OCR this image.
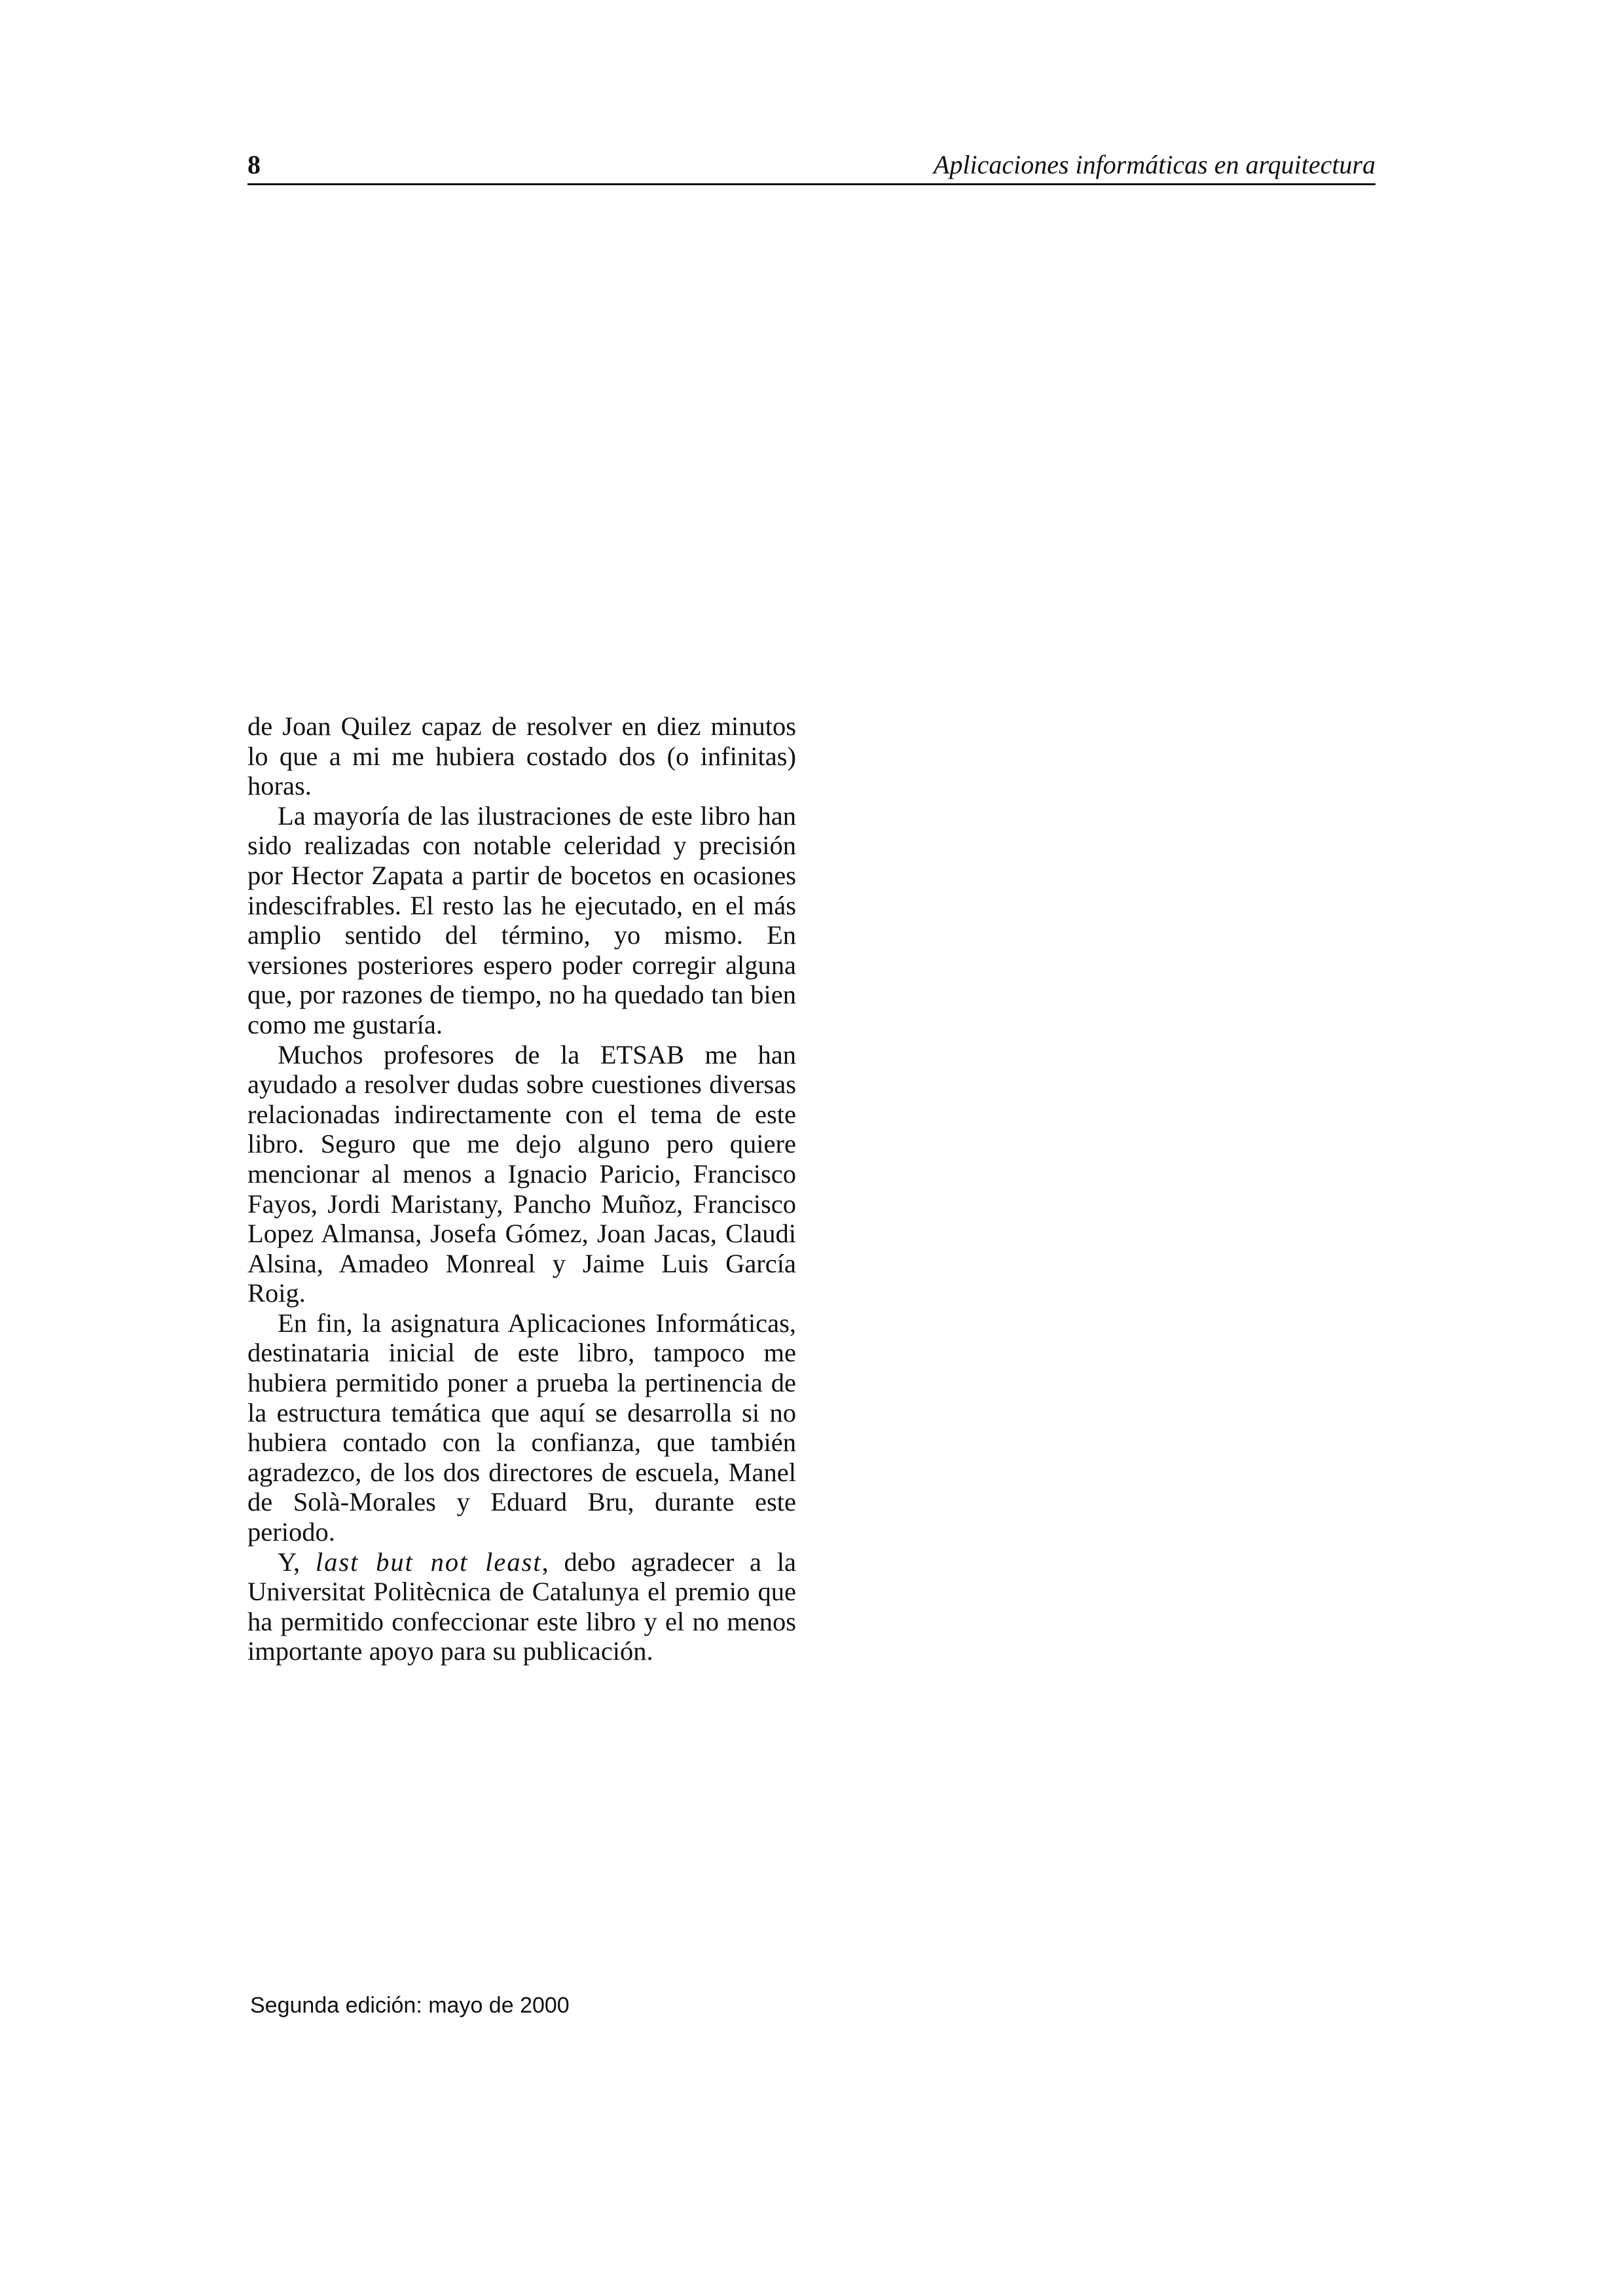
8	Aplicaciones informáticas en arquitectura

de Joan Quilez capaz de resolver en diez minutos lo que a mi me hubiera costado dos (o infinitas) horas.

La mayoría de las ilustraciones de este libro han sido realizadas con notable celeridad y precisión por Hector Zapata a partir de bocetos en ocasiones indescifrables. El resto las he ejecutado, en el más amplio sentido del término, yo mismo. En versiones posteriores espero poder corregir alguna que, por razones de tiempo, no ha quedado tan bien como me gustaría.

Muchos profesores de la ETSAB me han ayudado a resolver dudas sobre cuestiones diversas relacionadas indirectamente con el tema de este libro. Seguro que me dejo alguno pero quiere mencionar al menos a Ignacio Paricio, Francisco Fayos, Jordi Maristany, Pancho Muñoz, Francisco Lopez Almansa, Josefa Gómez, Joan Jacas, Claudi Alsina, Amadeo Monreal y Jaime Luis García Roig.

En fin, la asignatura Aplicaciones Informáticas, destinataria inicial de este libro, tampoco me hubiera permitido poner a prueba la pertinencia de la estructura temática que aquí se desarrolla si no hubiera contado con la confianza, que también agradezco, de los dos directores de escuela, Manel de Solà-Morales y Eduard Bru, durante este periodo.

Y, last but not least, debo agradecer a la Universitat Politècnica de Catalunya el premio que ha permitido confeccionar este libro y el no menos importante apoyo para su publicación.

Segunda edición: mayo de 2000
